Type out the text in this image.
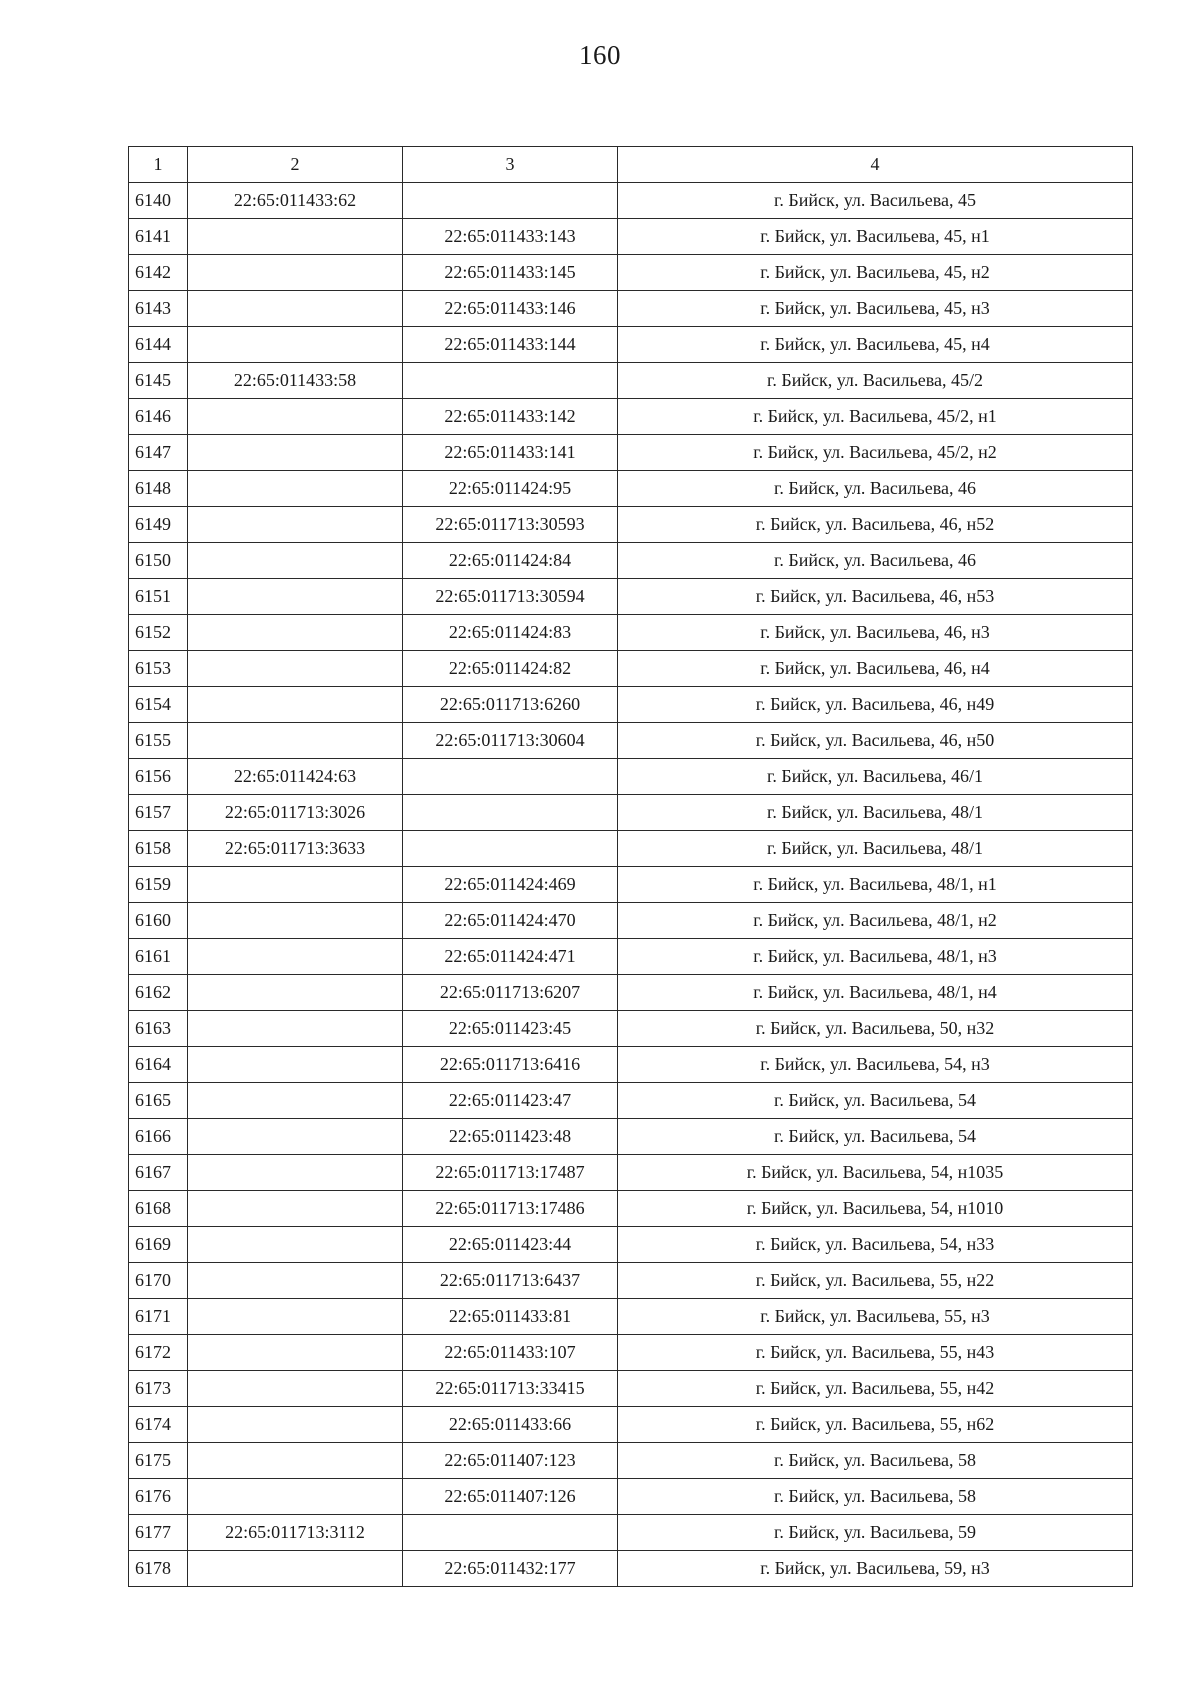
160
1	2	3	4
6140	22:65:011433:62		г. Бийск, ул. Васильева, 45
6141		22:65:011433:143	г. Бийск, ул. Васильева, 45, н1
6142		22:65:011433:145	г. Бийск, ул. Васильева, 45, н2
6143		22:65:011433:146	г. Бийск, ул. Васильева, 45, н3
6144		22:65:011433:144	г. Бийск, ул. Васильева, 45, н4
6145	22:65:011433:58		г. Бийск, ул. Васильева, 45/2
6146		22:65:011433:142	г. Бийск, ул. Васильева, 45/2, н1
6147		22:65:011433:141	г. Бийск, ул. Васильева, 45/2, н2
6148		22:65:011424:95	г. Бийск, ул. Васильева, 46
6149		22:65:011713:30593	г. Бийск, ул. Васильева, 46, н52
6150		22:65:011424:84	г. Бийск, ул. Васильева, 46
6151		22:65:011713:30594	г. Бийск, ул. Васильева, 46, н53
6152		22:65:011424:83	г. Бийск, ул. Васильева, 46, н3
6153		22:65:011424:82	г. Бийск, ул. Васильева, 46, н4
6154		22:65:011713:6260	г. Бийск, ул. Васильева, 46, н49
6155		22:65:011713:30604	г. Бийск, ул. Васильева, 46, н50
6156	22:65:011424:63		г. Бийск, ул. Васильева, 46/1
6157	22:65:011713:3026		г. Бийск, ул. Васильева, 48/1
6158	22:65:011713:3633		г. Бийск, ул. Васильева, 48/1
6159		22:65:011424:469	г. Бийск, ул. Васильева, 48/1, н1
6160		22:65:011424:470	г. Бийск, ул. Васильева, 48/1, н2
6161		22:65:011424:471	г. Бийск, ул. Васильева, 48/1, н3
6162		22:65:011713:6207	г. Бийск, ул. Васильева, 48/1, н4
6163		22:65:011423:45	г. Бийск, ул. Васильева, 50, н32
6164		22:65:011713:6416	г. Бийск, ул. Васильева, 54, н3
6165		22:65:011423:47	г. Бийск, ул. Васильева, 54
6166		22:65:011423:48	г. Бийск, ул. Васильева, 54
6167		22:65:011713:17487	г. Бийск, ул. Васильева, 54, н1035
6168		22:65:011713:17486	г. Бийск, ул. Васильева, 54, н1010
6169		22:65:011423:44	г. Бийск, ул. Васильева, 54, н33
6170		22:65:011713:6437	г. Бийск, ул. Васильева, 55, н22
6171		22:65:011433:81	г. Бийск, ул. Васильева, 55, н3
6172		22:65:011433:107	г. Бийск, ул. Васильева, 55, н43
6173		22:65:011713:33415	г. Бийск, ул. Васильева, 55, н42
6174		22:65:011433:66	г. Бийск, ул. Васильева, 55, н62
6175		22:65:011407:123	г. Бийск, ул. Васильева, 58
6176		22:65:011407:126	г. Бийск, ул. Васильева, 58
6177	22:65:011713:3112		г. Бийск, ул. Васильева, 59
6178		22:65:011432:177	г. Бийск, ул. Васильева, 59, н3
